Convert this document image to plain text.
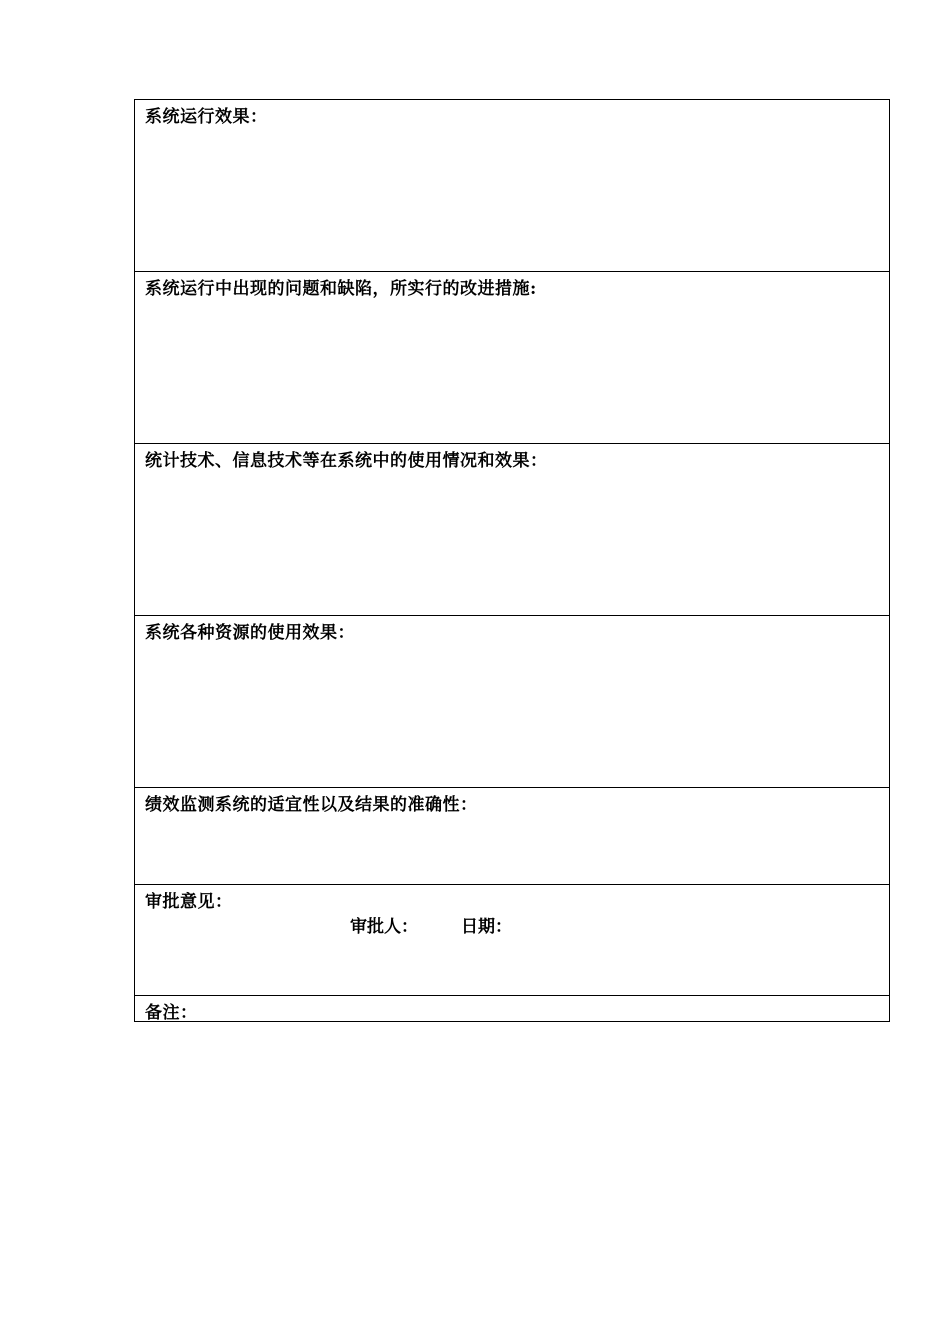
系统运行效果：
系统运行中出现的问题和缺陷，所实行的改进措施:
统计技术、信息技术等在系统中的使用情况和效果：
系统各种资源的使用效果：
绩效监测系统的适宜性以及结果的准确性：
审批意见：
审批人：	日期：
备注：
